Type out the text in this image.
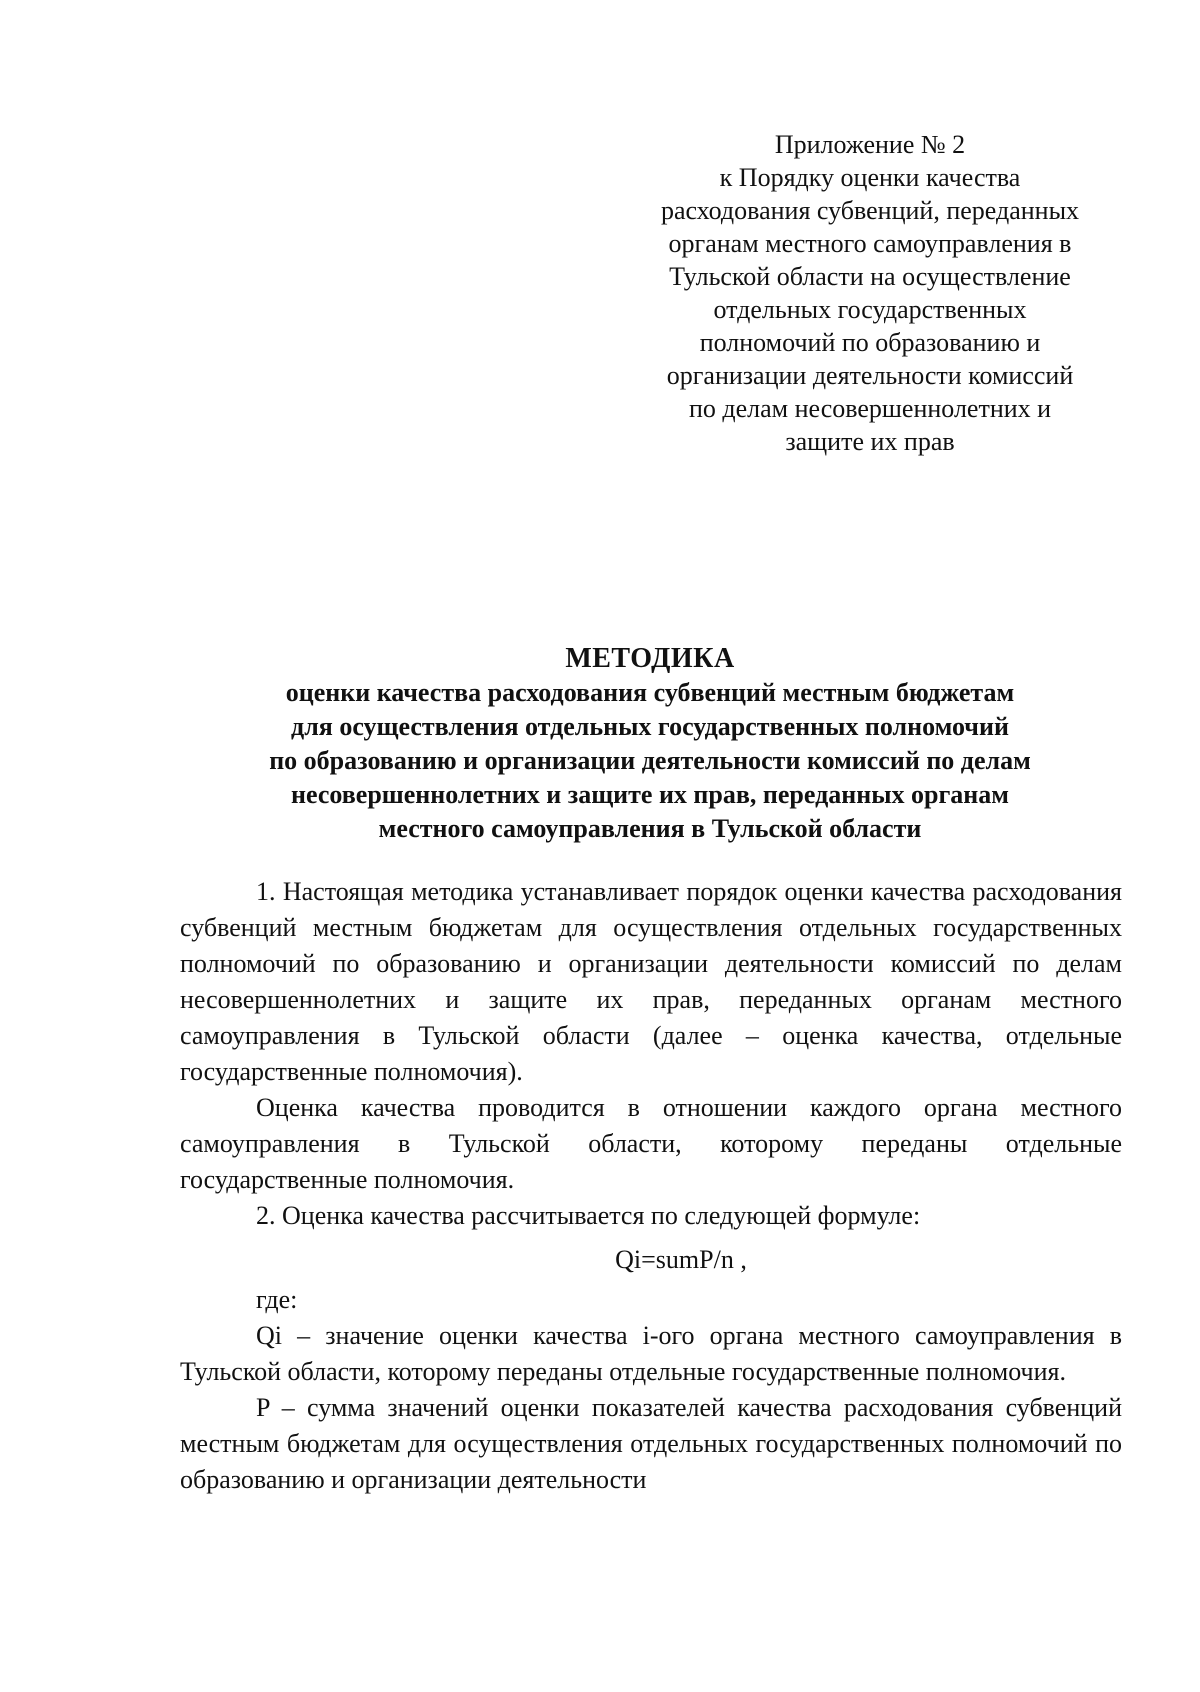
Приложение № 2
к Порядку оценки качества
расходования субвенций, переданных
органам местного самоуправления в
Тульской области на осуществление
отдельных государственных
полномочий по образованию и
организации деятельности комиссий
по делам несовершеннолетних и
защите их прав
МЕТОДИКА
оценки качества расходования субвенций местным бюджетам
для осуществления отдельных государственных полномочий
по образованию и организации деятельности комиссий по делам
несовершеннолетних и защите их прав, переданных органам
местного самоуправления в Тульской области

1. Настоящая методика устанавливает порядок оценки качества расходования субвенций местным бюджетам для осуществления отдельных государственных полномочий по образованию и организации деятельности комиссий по делам несовершеннолетних и защите их прав, переданных органам местного самоуправления в Тульской области (далее – оценка качества, отдельные государственные полномочия).

Оценка качества проводится в отношении каждого органа местного самоуправления в Тульской области, которому переданы отдельные государственные полномочия.

2. Оценка качества рассчитывается по следующей формуле:

Qi=sumP/n ,

где:

Qi – значение оценки качества i-ого органа местного самоуправления в Тульской области, которому переданы отдельные государственные полномочия.

P – сумма значений оценки показателей качества расходования субвенций местным бюджетам для осуществления отдельных государственных полномочий по образованию и организации деятельности
